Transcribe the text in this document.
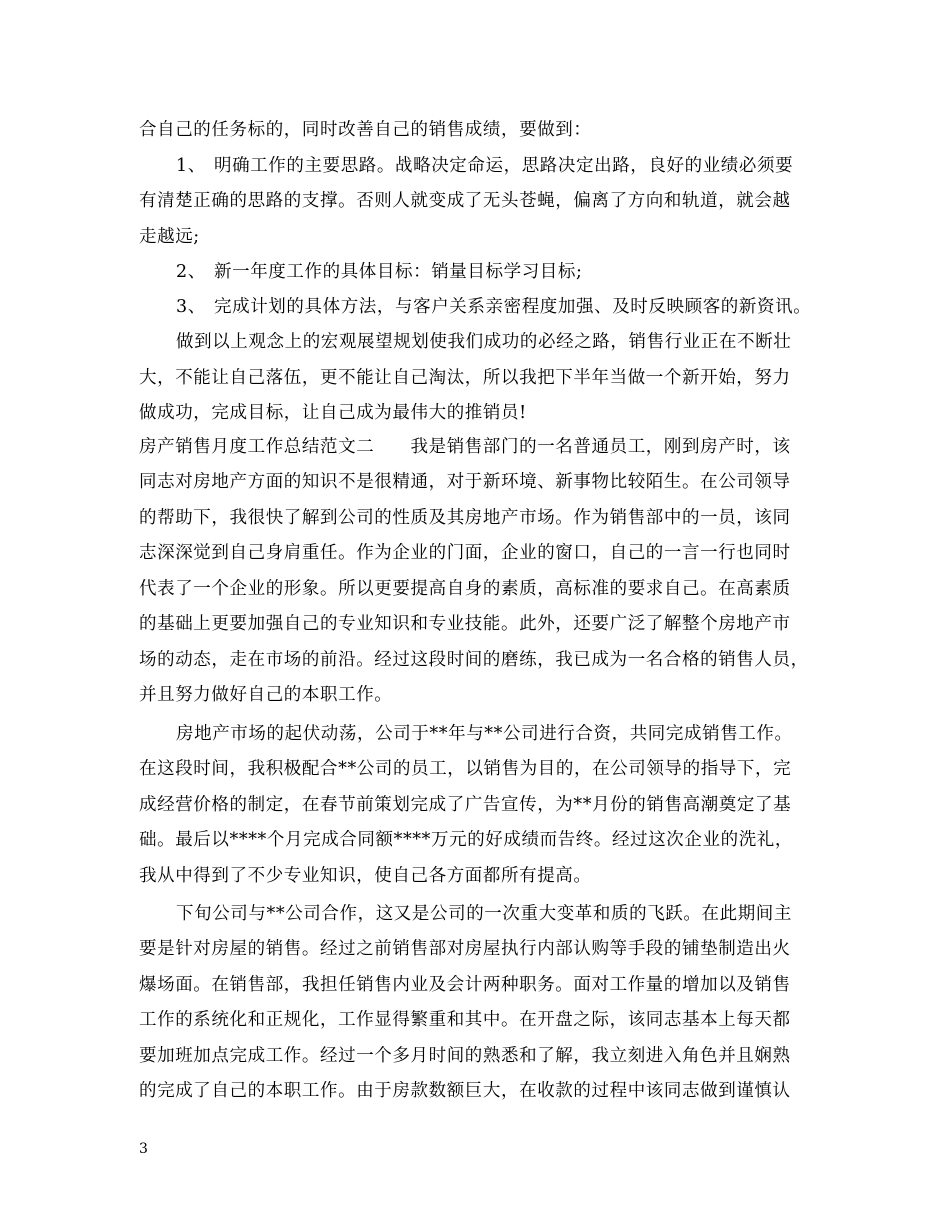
合自己的任务标的，同时改善自己的销售成绩，要做到：
1、 明确工作的主要思路。战略决定命运，思路决定出路，良好的业绩必须要
有清楚正确的思路的支撑。否则人就变成了无头苍蝇，偏离了方向和轨道，就会越
走越远;
2、 新一年度工作的具体目标：销量目标学习目标;
3、 完成计划的具体方法，与客户关系亲密程度加强、及时反映顾客的新资讯。
做到以上观念上的宏观展望规划使我们成功的必经之路，销售行业正在不断壮
大，不能让自己落伍，更不能让自己淘汰，所以我把下半年当做一个新开始，努力
做成功，完成目标，让自己成为最伟大的推销员!
房产销售月度工作总结范文二　　我是销售部门的一名普通员工，刚到房产时，该
同志对房地产方面的知识不是很精通，对于新环境、新事物比较陌生。在公司领导
的帮助下，我很快了解到公司的性质及其房地产市场。作为销售部中的一员，该同
志深深觉到自己身肩重任。作为企业的门面，企业的窗口，自己的一言一行也同时
代表了一个企业的形象。所以更要提高自身的素质，高标准的要求自己。在高素质
的基础上更要加强自己的专业知识和专业技能。此外，还要广泛了解整个房地产市
场的动态，走在市场的前沿。经过这段时间的磨练，我已成为一名合格的销售人员，
并且努力做好自己的本职工作。
房地产市场的起伏动荡，公司于**年与**公司进行合资，共同完成销售工作。
在这段时间，我积极配合**公司的员工，以销售为目的，在公司领导的指导下，完
成经营价格的制定，在春节前策划完成了广告宣传，为**月份的销售高潮奠定了基
础。最后以****个月完成合同额****万元的好成绩而告终。经过这次企业的洗礼，
我从中得到了不少专业知识，使自己各方面都所有提高。
下旬公司与**公司合作，这又是公司的一次重大变革和质的飞跃。在此期间主
要是针对房屋的销售。经过之前销售部对房屋执行内部认购等手段的铺垫制造出火
爆场面。在销售部，我担任销售内业及会计两种职务。面对工作量的增加以及销售
工作的系统化和正规化，工作显得繁重和其中。在开盘之际，该同志基本上每天都
要加班加点完成工作。经过一个多月时间的熟悉和了解，我立刻进入角色并且娴熟
的完成了自己的本职工作。由于房款数额巨大，在收款的过程中该同志做到谨慎认
3
